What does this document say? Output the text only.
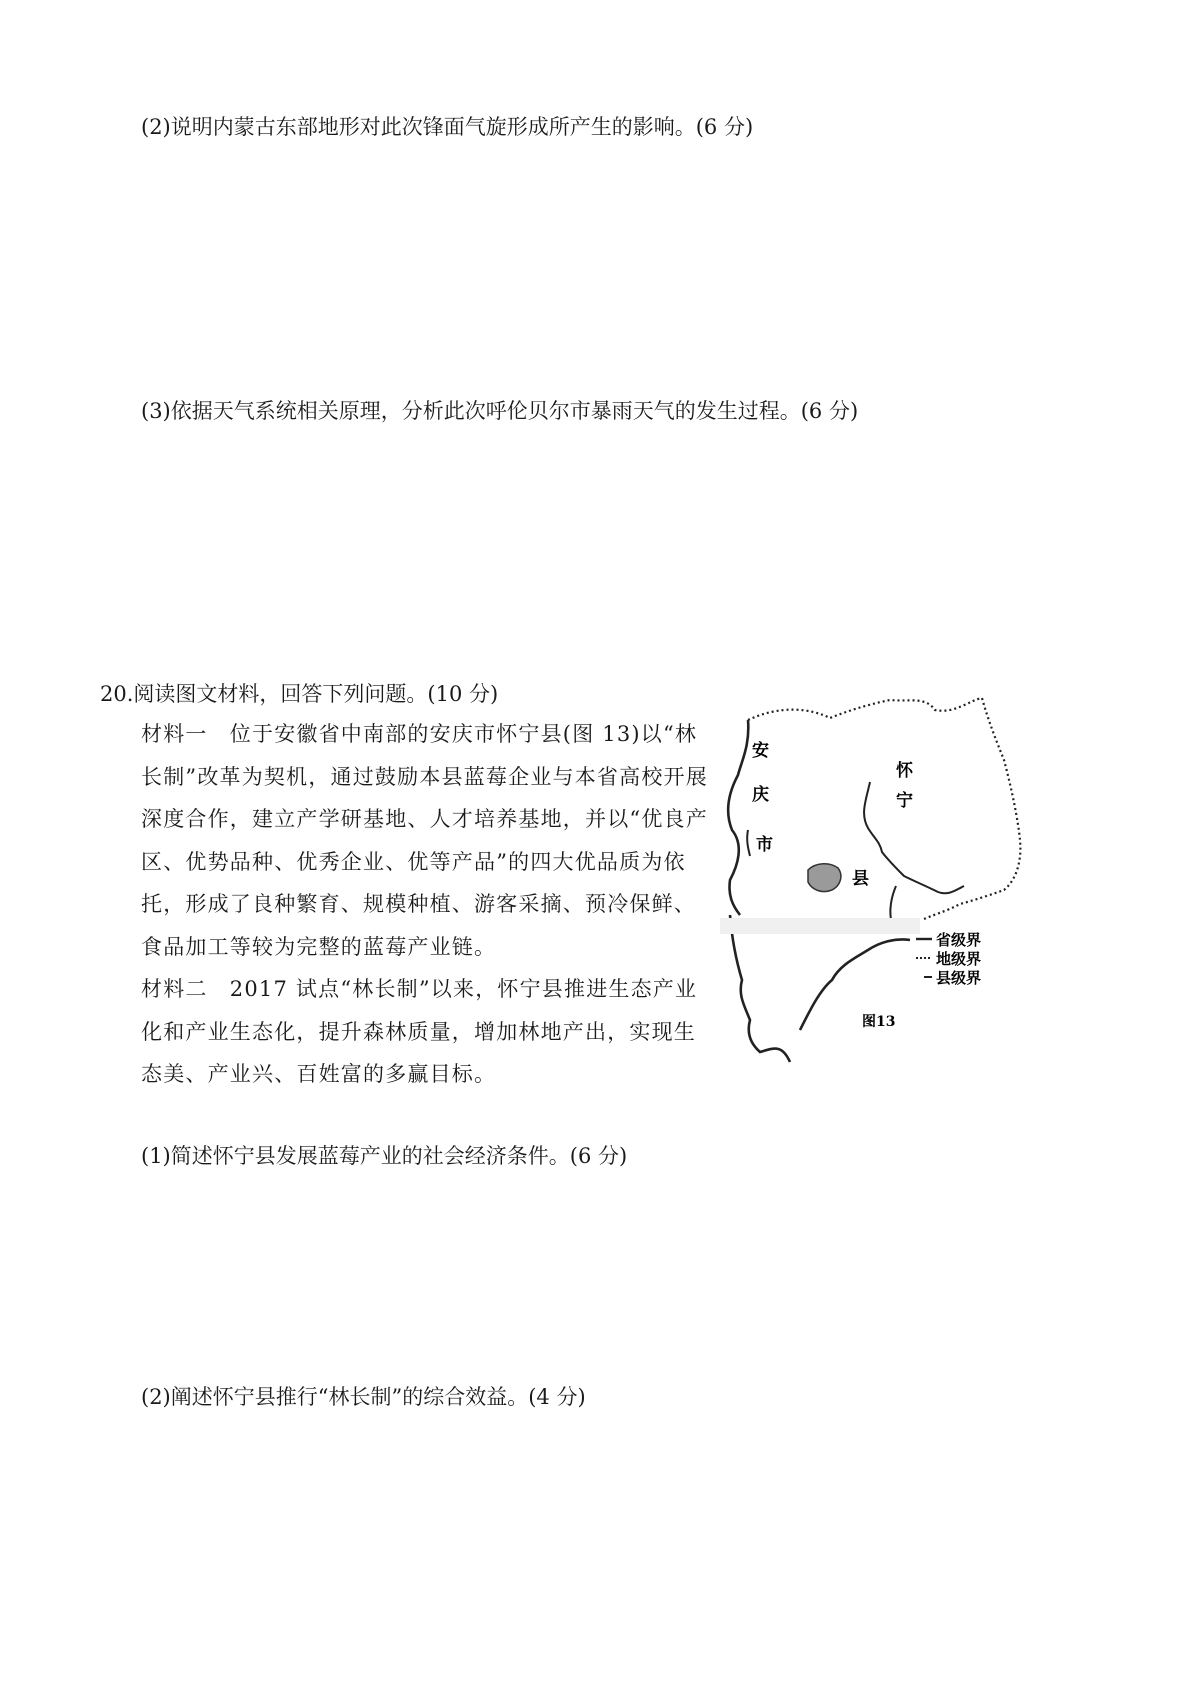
(2)说明内蒙古东部地形对此次锋面气旋形成所产生的影响。(6 分)
(3)依据天气系统相关原理，分析此次呼伦贝尔市暴雨天气的发生过程。(6 分)
20.阅读图文材料，回答下列问题。(10 分)
材料一　位于安徽省中南部的安庆市怀宁县(图 13)以“林长制”改革为契机，通过鼓励本县蓝莓企业与本省高校开展深度合作，建立产学研基地、人才培养基地，并以“优良产区、优势品种、优秀企业、优等产品”的四大优品质为依托，形成了良种繁育、规模种植、游客采摘、预冷保鲜、食品加工等较为完整的蓝莓产业链。
材料二　2017 试点“林长制”以来，怀宁县推进生态产业化和产业生态化，提升森林质量，增加林地产出，实现生态美、产业兴、百姓富的多赢目标。
(1)简述怀宁县发展蓝莓产业的社会经济条件。(6 分)
(2)阐述怀宁县推行“林长制”的综合效益。(4 分)
安
庆
市
怀
宁
县
省级界
地级界
县级界
图13
